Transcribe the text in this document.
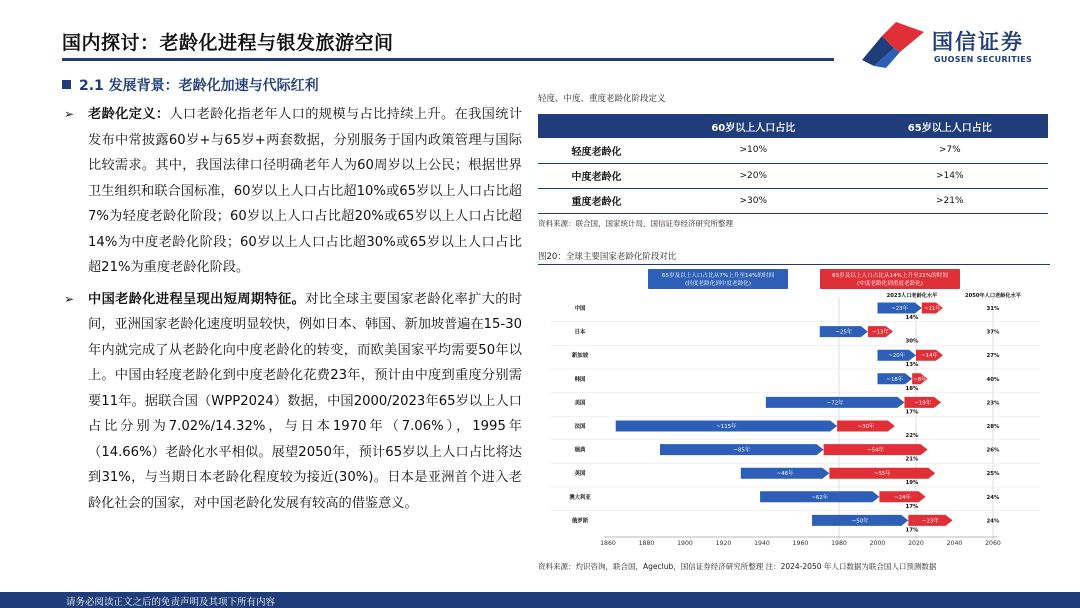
国内探讨：老龄化进程与银发旅游空间	国信证券
GUOSEN SECURITIES
2.1 发展背景：老龄化加速与代际红利
➢ 老龄化定义：人口老龄化指老年人口的规模与占比持续上升。在我国统计发布中常披露60岁+与65岁+两套数据，分别服务于国内政策管理与国际比较需求。其中，我国法律口径明确老年人为60周岁以上公民；根据世界卫生组织和联合国标准，60岁以上人口占比超10%或65岁以上人口占比超7%为轻度老龄化阶段；60岁以上人口占比超20%或65岁以上人口占比超14%为中度老龄化阶段；60岁以上人口占比超30%或65岁以上人口占比超21%为重度老龄化阶段。
➢ 中国老龄化进程呈现出短周期特征。对比全球主要国家老龄化率扩大的时间，亚洲国家老龄化速度明显较快，例如日本、韩国、新加坡普遍在15-30年内就完成了从老龄化向中度老龄化的转变，而欧美国家平均需要50年以上。中国由轻度老龄化到中度老龄化花费23年，预计由中度到重度分别需要11年。据联合国（WPP2024）数据，中国2000/2023年65岁以上人口占比分别为7.02%/14.32%，与日本1970年（7.06%），1995年（14.66%）老龄化水平相似。展望2050年，预计65岁以上人口占比将达到31%，与当期日本老龄化程度较为接近(30%)。日本是亚洲首个进入老龄化社会的国家，对中国老龄化发展有较高的借鉴意义。
轻度、中度、重度老龄化阶段定义
	60岁以上人口占比	65岁以上人口占比
轻度老龄化	>10%	>7%
中度老龄化	>20%	>14%
重度老龄化	>30%	>21%
资料来源：联合国，国家统计局，国信证券经济研究所整理
图20：全球主要国家老龄化阶段对比
65岁及以上人口占比从7%上升至14%的时间
(轻度老龄化到中度老龄化)
65岁及以上人口占比从14%上升至21%的时间
(中度老龄化到重度老龄化)
2023人口老龄化水平	2050年人口老龄化水平
中国	~23年	~11年
14%
31%
日本	~25年	~13年
30%
37%
新加坡	~20年	~14年
13%
27%
韩国	~18年 ~8年
18%
40%
美国	~72年	~19年
17%
23%
法国	~115年	~30年
22%
28%
瑞典	~85年	~54年
21%
26%
英国	~46年	~55年
19%
25%
澳大利亚	~62年	~24年
17%
24%
俄罗斯	~50年	~23年
17%
24%
1860	1880	1900	1920	1940	1960	1980	2000	2020	2040	2060
资料来源：灼识咨询，联合国，Ageclub，国信证券经济研究所整理 注：2024-2050 年人口数据为联合国人口预测数据
请务必阅读正文之后的免责声明及其项下所有内容
